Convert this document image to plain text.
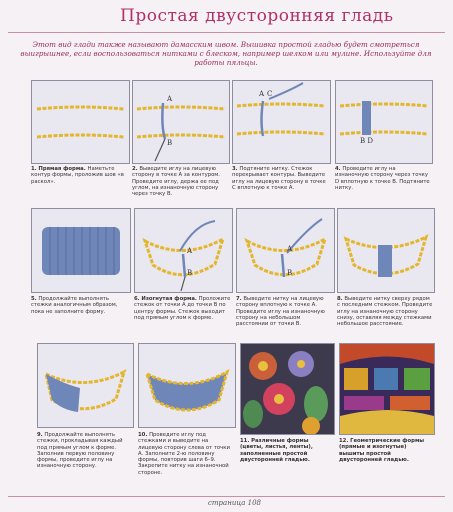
Простая двусторонняя гладь
Этот вид глади также называют дамасским швом. Вышивка простой гладью будет смотреться выигрышнее, если воспользоваться нитками с блеском, например шелком или мулине. Используйте для работы пяльцы.
A
B
A C
B D
1. Прямая форма. Наметьте контур формы, проложив шов «в раскол».
2. Выведите иглу на лицевую сторону в точке А за контуром. Проведите иглу, держа ее под углом, на изнаночную сторону через точку В.
3. Подтяните нитку. Стежок перекрывает контуры. Выведите иглу на лицевую сторону в точке С вплотную к точке А.
4. Проведите иглу на изнаночную сторону через точку D вплотную к точке В. Подтяните нитку.
A
B
A
B
5. Продолжайте выполнять стежки аналогичным образом, пока не заполните форму.
6. Изогнутая форма. Проложите стежок от точки А до точки В по центру формы. Стежок выходит под прямым углом к форме.
7. Выведите нитку на лицевую сторону вплотную к точке А. Проведите иглу на изнаночную сторону на небольшом расстоянии от точки В.
8. Выведите нитку сверху рядом с последним стежком. Проведите иглу на изнаночную сторону снизу, оставляя между стежками небольшое расстояние.
9. Продолжайте выполнять стежки, прокладывая каждый под прямым углом к форме. Заполнив первую половину формы, проведите иглу на изнаночную сторону.
10. Проведите иглу под стежками и выведите на лицевую сторону слева от точки А. Заполните 2-ю половину формы, повторив шаги 6–9. Закрепите нитку на изнаночной стороне.
11. Различные формы (цветы, листья, ленты), заполненные простой двусторонней гладью.
12. Геометрические формы (прямые и изогнутые) вышиты простой двусторонней гладью.
страница 108
